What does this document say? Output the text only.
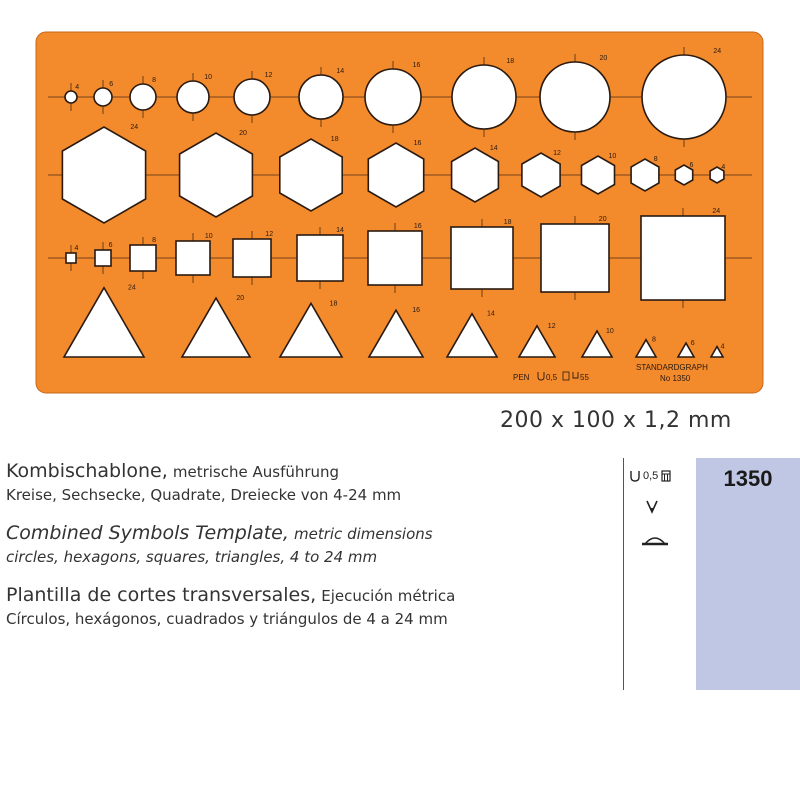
4	6
8	10	12
14
16
18	20
24
24
20
18
16
14
12	10	8
6	4
4	6
8
10	12
14
16
18	20
24
24
20
18
16	14
12
10
8	6	4
PEN 0,5	55
STANDARDGRAPH
No 1350
200 x 100 x 1,2 mm
Kombischablone, metrische Ausführung
Kreise, Sechsecke, Quadrate, Dreiecke von 4-24 mm
Combined Symbols Template, metric dimensions
circles, hexagons, squares, triangles, 4 to 24 mm
Plantilla de cortes transversales, Ejecución métrica
Círculos, hexágonos, cuadrados y triángulos de 4 a 24 mm
0,5	1350
